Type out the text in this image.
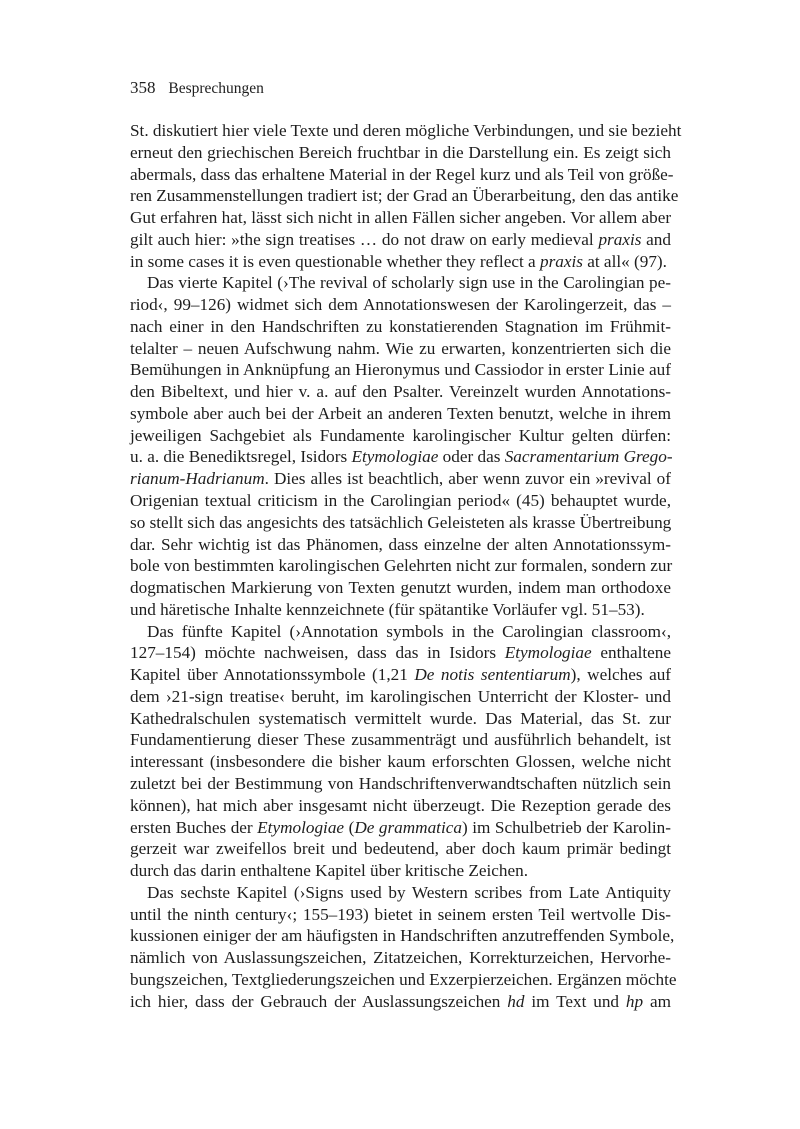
358 Besprechungen
St. diskutiert hier viele Texte und deren mögliche Verbindungen, und sie bezieht
erneut den griechischen Bereich fruchtbar in die Darstellung ein. Es zeigt sich
abermals, dass das erhaltene Material in der Regel kurz und als Teil von größe-
ren Zusammenstellungen tradiert ist; der Grad an Überarbeitung, den das antike
Gut erfahren hat, lässt sich nicht in allen Fällen sicher angeben. Vor allem aber
gilt auch hier: »the sign treatises … do not draw on early medieval praxis and
in some cases it is even questionable whether they reflect a praxis at all« (97).
Das vierte Kapitel (›The revival of scholarly sign use in the Carolingian pe-
riod‹, 99–126) widmet sich dem Annotationswesen der Karolingerzeit, das –
nach einer in den Handschriften zu konstatierenden Stagnation im Frühmit-
telalter – neuen Aufschwung nahm. Wie zu erwarten, konzentrierten sich die
Bemühungen in Anknüpfung an Hieronymus und Cassiodor in erster Linie auf
den Bibeltext, und hier v. a. auf den Psalter. Vereinzelt wurden Annotations-
symbole aber auch bei der Arbeit an anderen Texten benutzt, welche in ihrem
jeweiligen Sachgebiet als Fundamente karolingischer Kultur gelten dürfen:
u. a. die Benediktsregel, Isidors Etymologiae oder das Sacramentarium Grego-
rianum-Hadrianum. Dies alles ist beachtlich, aber wenn zuvor ein »revival of
Origenian textual criticism in the Carolingian period« (45) behauptet wurde,
so stellt sich das angesichts des tatsächlich Geleisteten als krasse Übertreibung
dar. Sehr wichtig ist das Phänomen, dass einzelne der alten Annotationssym-
bole von bestimmten karolingischen Gelehrten nicht zur formalen, sondern zur
dogmatischen Markierung von Texten genutzt wurden, indem man orthodoxe
und häretische Inhalte kennzeichnete (für spätantike Vorläufer vgl. 51–53).
Das fünfte Kapitel (›Annotation symbols in the Carolingian classroom‹,
127–154) möchte nachweisen, dass das in Isidors Etymologiae enthaltene
Kapitel über Annotationssymbole (1,21 De notis sententiarum), welches auf
dem ›21-sign treatise‹ beruht, im karolingischen Unterricht der Kloster- und
Kathedralschulen systematisch vermittelt wurde. Das Material, das St. zur
Fundamentierung dieser These zusammenträgt und ausführlich behandelt, ist
interessant (insbesondere die bisher kaum erforschten Glossen, welche nicht
zuletzt bei der Bestimmung von Handschriftenverwandtschaften nützlich sein
können), hat mich aber insgesamt nicht überzeugt. Die Rezeption gerade des
ersten Buches der Etymologiae (De grammatica) im Schulbetrieb der Karolin-
gerzeit war zweifellos breit und bedeutend, aber doch kaum primär bedingt
durch das darin enthaltene Kapitel über kritische Zeichen.
Das sechste Kapitel (›Signs used by Western scribes from Late Antiquity
until the ninth century‹; 155–193) bietet in seinem ersten Teil wertvolle Dis-
kussionen einiger der am häufigsten in Handschriften anzutreffenden Symbole,
nämlich von Auslassungszeichen, Zitatzeichen, Korrekturzeichen, Hervorhe-
bungszeichen, Textgliederungszeichen und Exzerpierzeichen. Ergänzen möchte
ich hier, dass der Gebrauch der Auslassungszeichen hd im Text und hp am
